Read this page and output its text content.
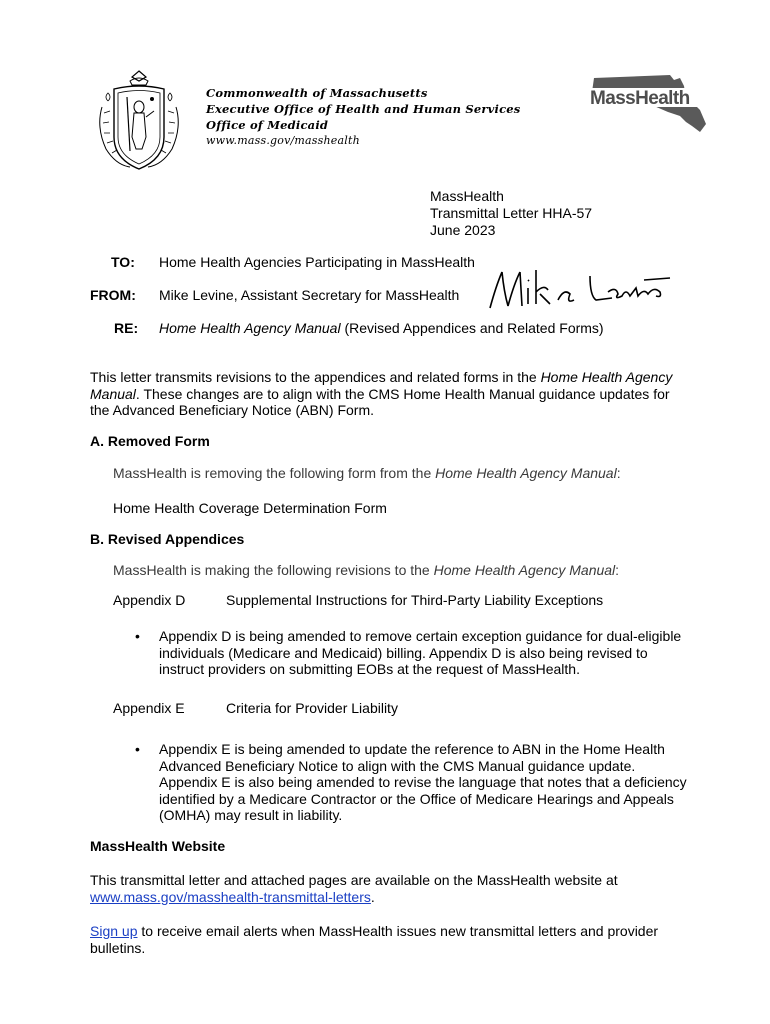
Commonwealth of Massachusetts
Executive Office of Health and Human Services
Office of Medicaid
www.mass.gov/masshealth
MassHealth
MassHealth
Transmittal Letter HHA-57
June 2023
TO: Home Health Agencies Participating in MassHealth
FROM: Mike Levine, Assistant Secretary for MassHealth
RE: Home Health Agency Manual (Revised Appendices and Related Forms)
This letter transmits revisions to the appendices and related forms in the Home Health Agency Manual. These changes are to align with the CMS Home Health Manual guidance updates for the Advanced Beneficiary Notice (ABN) Form.
A. Removed Form
MassHealth is removing the following form from the Home Health Agency Manual:
Home Health Coverage Determination Form
B. Revised Appendices
MassHealth is making the following revisions to the Home Health Agency Manual:
Appendix D	Supplemental Instructions for Third-Party Liability Exceptions
• Appendix D is being amended to remove certain exception guidance for dual-eligible individuals (Medicare and Medicaid) billing. Appendix D is also being revised to instruct providers on submitting EOBs at the request of MassHealth.
Appendix E	Criteria for Provider Liability
• Appendix E is being amended to update the reference to ABN in the Home Health Advanced Beneficiary Notice to align with the CMS Manual guidance update. Appendix E is also being amended to revise the language that notes that a deficiency identified by a Medicare Contractor or the Office of Medicare Hearings and Appeals (OMHA) may result in liability.
MassHealth Website
This transmittal letter and attached pages are available on the MassHealth website at www.mass.gov/masshealth-transmittal-letters.
Sign up to receive email alerts when MassHealth issues new transmittal letters and provider bulletins.
